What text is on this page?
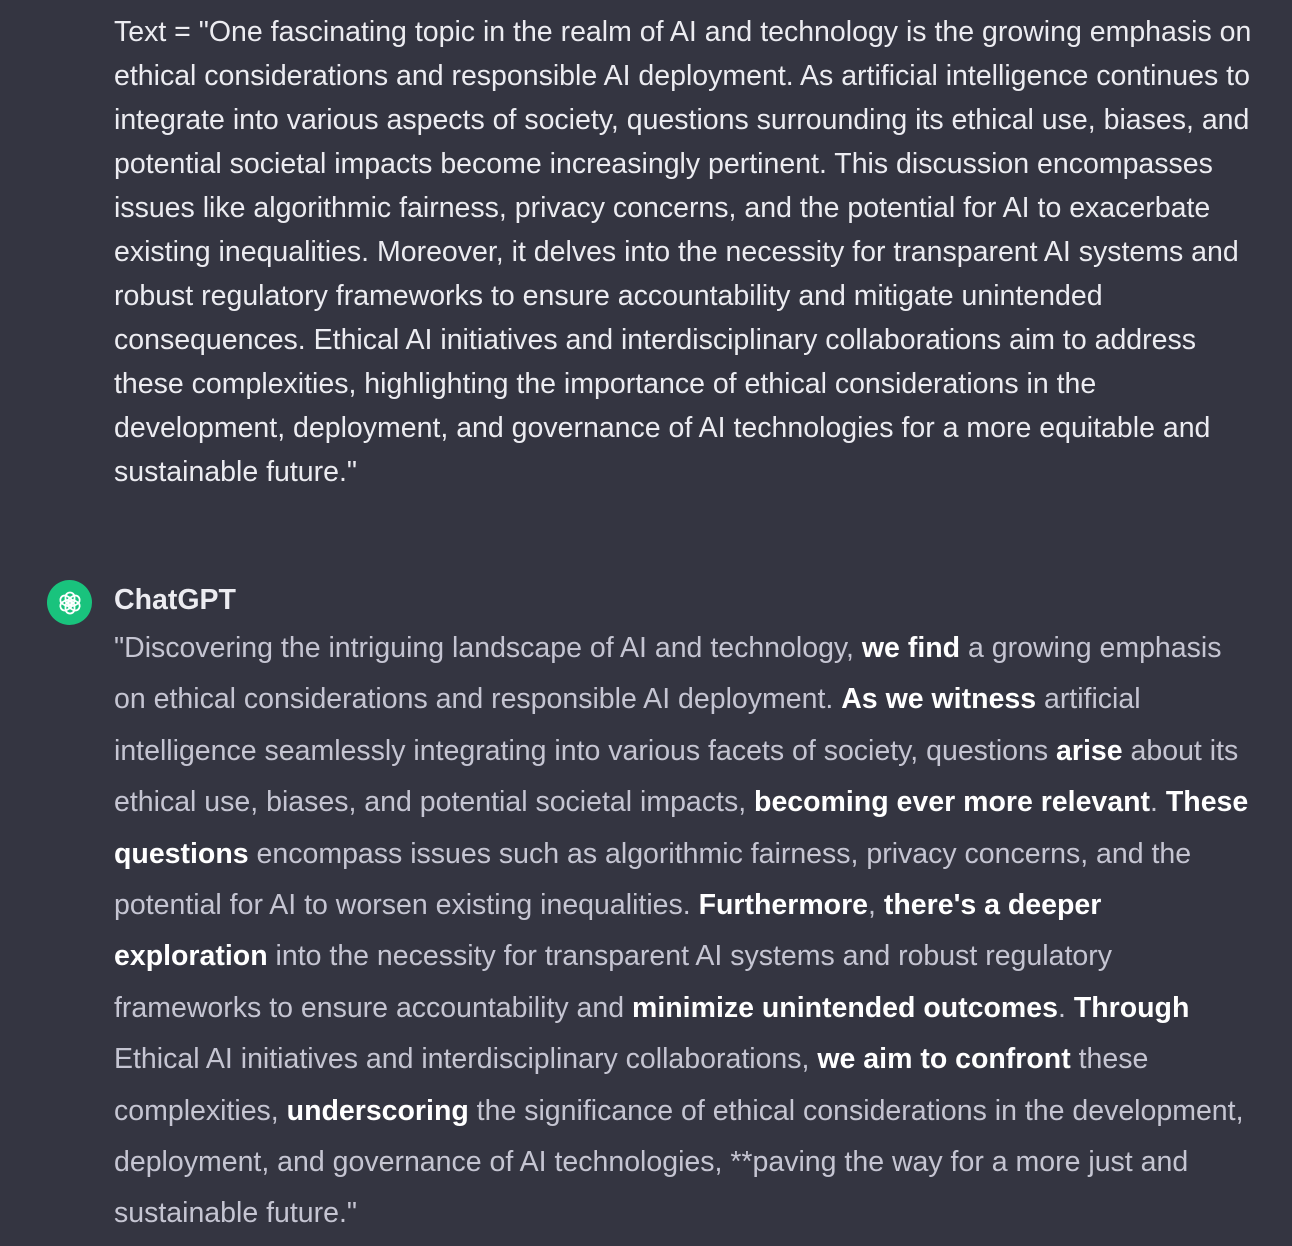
Text = "One fascinating topic in the realm of AI and technology is the growing emphasis on ethical considerations and responsible AI deployment. As artificial intelligence continues to integrate into various aspects of society, questions surrounding its ethical use, biases, and potential societal impacts become increasingly pertinent. This discussion encompasses issues like algorithmic fairness, privacy concerns, and the potential for AI to exacerbate existing inequalities. Moreover, it delves into the necessity for transparent AI systems and robust regulatory frameworks to ensure accountability and mitigate unintended consequences. Ethical AI initiatives and interdisciplinary collaborations aim to address these complexities, highlighting the importance of ethical considerations in the development, deployment, and governance of AI technologies for a more equitable and sustainable future."

ChatGPT

"Discovering the intriguing landscape of AI and technology, we find a growing emphasis on ethical considerations and responsible AI deployment. As we witness artificial intelligence seamlessly integrating into various facets of society, questions arise about its ethical use, biases, and potential societal impacts, becoming ever more relevant. These questions encompass issues such as algorithmic fairness, privacy concerns, and the potential for AI to worsen existing inequalities. Furthermore, there's a deeper exploration into the necessity for transparent AI systems and robust regulatory frameworks to ensure accountability and minimize unintended outcomes. Through Ethical AI initiatives and interdisciplinary collaborations, we aim to confront these complexities, underscoring the significance of ethical considerations in the development, deployment, and governance of AI technologies, **paving the way for a more just and sustainable future."
